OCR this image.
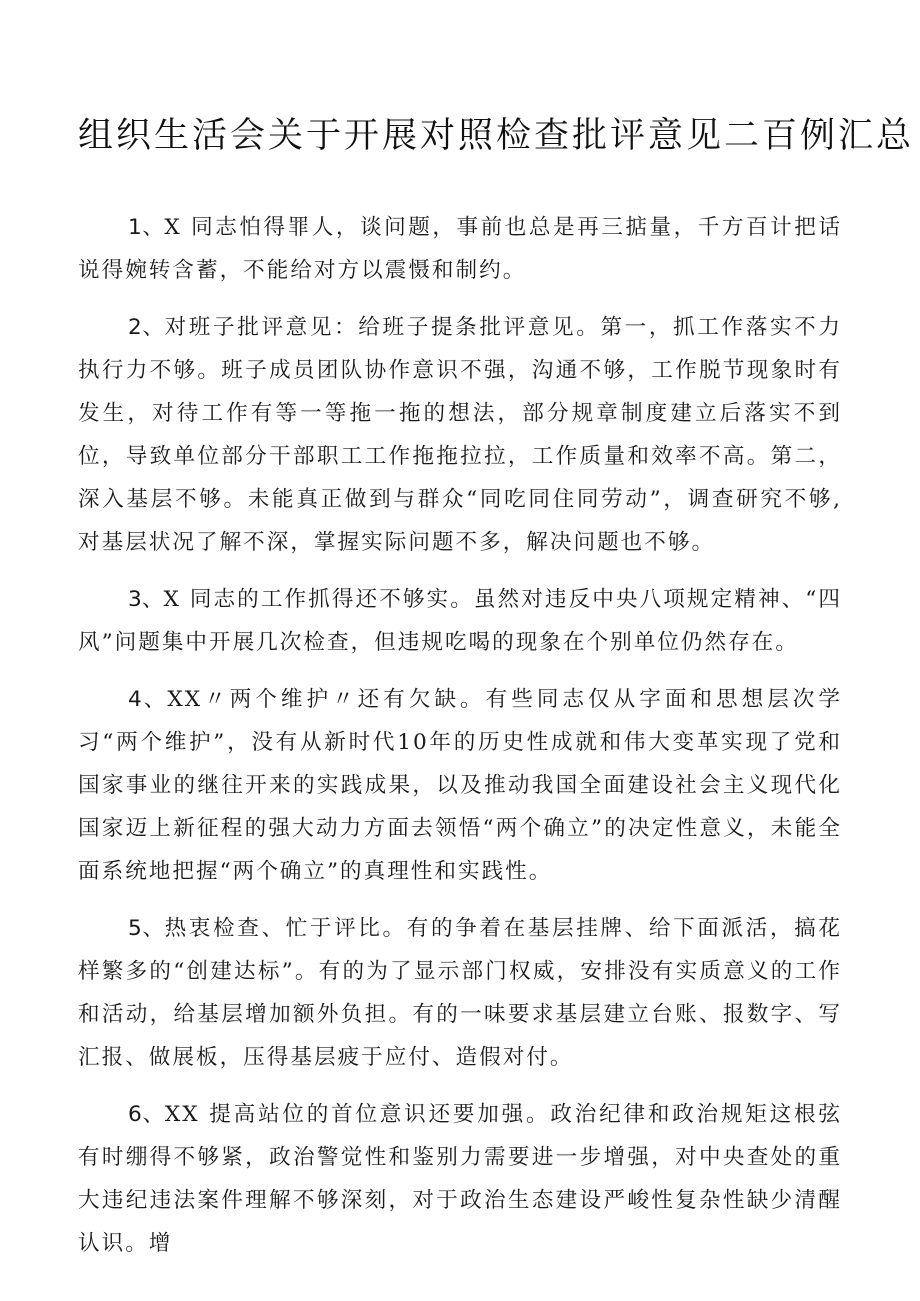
组织生活会关于开展对照检查批评意见二百例汇总

1、X 同志怕得罪人，谈问题，事前也总是再三掂量，千方百计把话说得婉转含蓄，不能给对方以震慑和制约。

2、对班子批评意见：给班子提条批评意见。第一，抓工作落实不力执行力不够。班子成员团队协作意识不强，沟通不够，工作脱节现象时有发生，对待工作有等一等拖一拖的想法，部分规章制度建立后落实不到位，导致单位部分干部职工工作拖拖拉拉，工作质量和效率不高。第二，深入基层不够。未能真正做到与群众“同吃同住同劳动”，调查研究不够,对基层状况了解不深，掌握实际问题不多，解决问题也不够。

3、X 同志的工作抓得还不够实。虽然对违反中央八项规定精神、“四风”问题集中开展几次检查，但违规吃喝的现象在个别单位仍然存在。

4、XX〃两个维护〃还有欠缺。有些同志仅从字面和思想层次学习“两个维护”，没有从新时代10年的历史性成就和伟大变革实现了党和国家事业的继往开来的实践成果，以及推动我国全面建设社会主义现代化国家迈上新征程的强大动力方面去领悟“两个确立”的决定性意义，未能全面系统地把握“两个确立”的真理性和实践性。

5、热衷检查、忙于评比。有的争着在基层挂牌、给下面派活，搞花样繁多的“创建达标”。有的为了显示部门权威，安排没有实质意义的工作和活动，给基层增加额外负担。有的一味要求基层建立台账、报数字、写汇报、做展板，压得基层疲于应付、造假对付。

6、XX 提高站位的首位意识还要加强。政治纪律和政治规矩这根弦有时绷得不够紧，政治警觉性和鉴别力需要进一步增强，对中央查处的重大违纪违法案件理解不够深刻，对于政治生态建设严峻性复杂性缺少清醒认识。增
